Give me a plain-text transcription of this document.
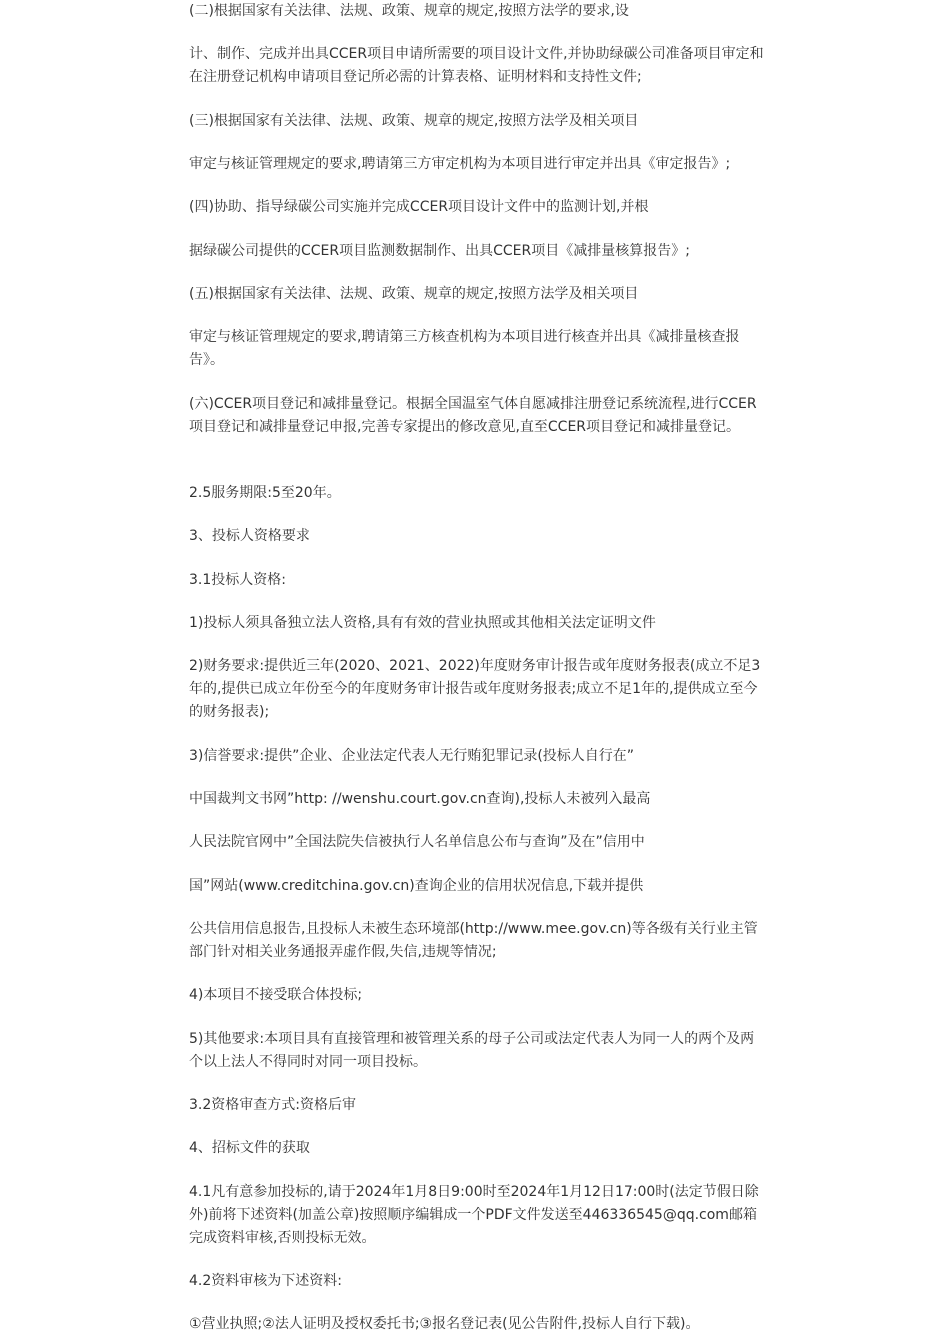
(二)根据国家有关法律、法规、政策、规章的规定,按照方法学的要求,设

计、制作、完成并出具CCER项目申请所需要的项目设计文件,并协助绿碳公司准备项目审定和在注册登记机构申请项目登记所必需的计算表格、证明材料和支持性文件;

(三)根据国家有关法律、法规、政策、规章的规定,按照方法学及相关项目

审定与核证管理规定的要求,聘请第三方审定机构为本项目进行审定并出具《审定报告》;

(四)协助、指导绿碳公司实施并完成CCER项目设计文件中的监测计划,并根

据绿碳公司提供的CCER项目监测数据制作、出具CCER项目《减排量核算报告》;

(五)根据国家有关法律、法规、政策、规章的规定,按照方法学及相关项目

审定与核证管理规定的要求,聘请第三方核查机构为本项目进行核查并出具《减排量核查报告》。

(六)CCER项目登记和减排量登记。根据全国温室气体自愿减排注册登记系统流程,进行CCER项目登记和减排量登记申报,完善专家提出的修改意见,直至CCER项目登记和减排量登记。

2.5服务期限:5至20年。

3、投标人资格要求

3.1投标人资格:

1)投标人须具备独立法人资格,具有有效的营业执照或其他相关法定证明文件

2)财务要求:提供近三年(2020、2021、2022)年度财务审计报告或年度财务报表(成立不足3年的,提供已成立年份至今的年度财务审计报告或年度财务报表;成立不足1年的,提供成立至今的财务报表);

3)信誉要求:提供”企业、企业法定代表人无行贿犯罪记录(投标人自行在”

中国裁判文书网”http: //wenshu.court.gov.cn查询),投标人未被列入最高

人民法院官网中”全国法院失信被执行人名单信息公布与查询”及在”信用中

国”网站(www.creditchina.gov.cn)查询企业的信用状况信息,下载并提供

公共信用信息报告,且投标人未被生态环境部(http://www.mee.gov.cn)等各级有关行业主管部门针对相关业务通报弄虚作假,失信,违规等情况;

4)本项目不接受联合体投标;

5)其他要求:本项目具有直接管理和被管理关系的母子公司或法定代表人为同一人的两个及两个以上法人不得同时对同一项目投标。

3.2资格审查方式:资格后审

4、招标文件的获取

4.1凡有意参加投标的,请于2024年1月8日9:00时至2024年1月12日17:00时(法定节假日除外)前将下述资料(加盖公章)按照顺序编辑成一个PDF文件发送至446336545@qq.com邮箱完成资料审核,否则投标无效。

4.2资料审核为下述资料:

①营业执照;②法人证明及授权委托书;③报名登记表(见公告附件,投标人自行下载)。
